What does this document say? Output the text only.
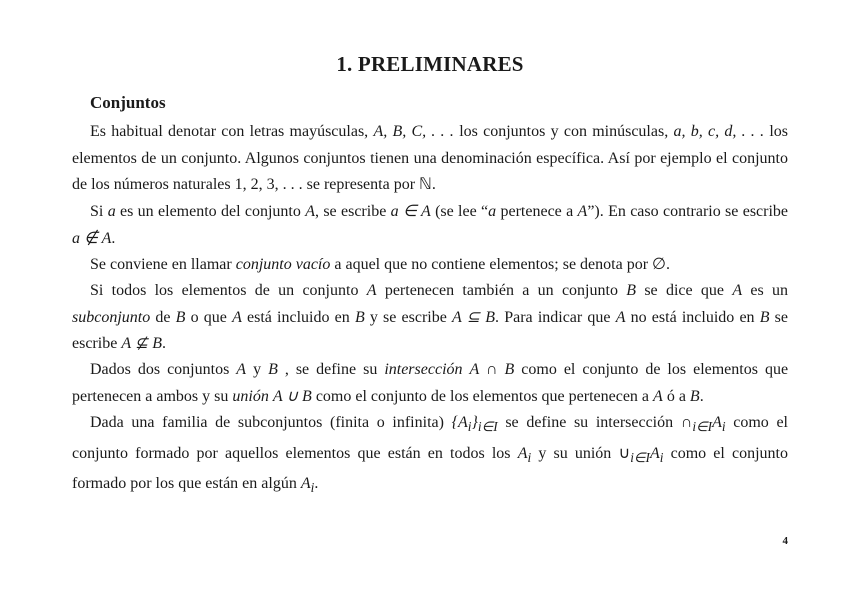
1. PRELIMINARES
Conjuntos

Es habitual denotar con letras mayúsculas, A, B, C, . . . los conjuntos y con minúsculas, a, b, c, d, . . . los elementos de un conjunto. Algunos conjuntos tienen una denominación específica. Así por ejemplo el conjunto de los números naturales 1, 2, 3, . . . se representa por ℕ.

Si a es un elemento del conjunto A, se escribe a ∈ A (se lee “a pertenece a A”). En caso contrario se escribe a ∉ A.

Se conviene en llamar conjunto vacío a aquel que no contiene elementos; se denota por ∅.

Si todos los elementos de un conjunto A pertenecen también a un conjunto B se dice que A es un subconjunto de B o que A está incluido en B y se escribe A ⊆ B. Para indicar que A no está incluido en B se escribe A ⊈ B.

Dados dos conjuntos A y B , se define su intersección A ∩ B como el conjunto de los elementos que pertenecen a ambos y su unión A ∪ B como el conjunto de los elementos que pertenecen a A ó a B.

Dada una familia de subconjuntos (finita o infinita) $\{A_i\}_{i\in I}$ se define su intersección $\cap_{i\in I}A_i$ como el conjunto formado por aquellos elementos que están en todos los $A_i$ y su unión $\cup_{i\in I}A_i$ como el conjunto formado por los que están en algún $A_i$.

4
